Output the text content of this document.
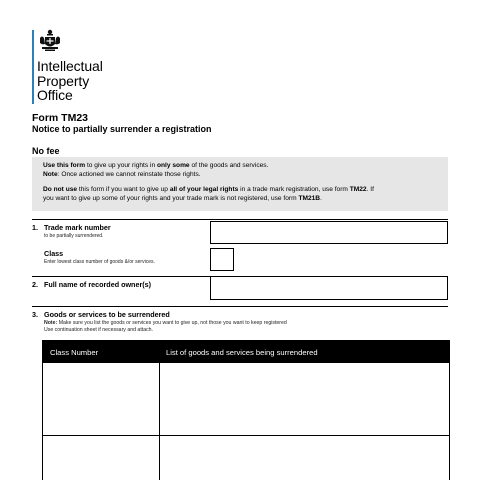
Intellectual
Property
Office
Form TM23
Notice to partially surrender a registration
No fee

Use this form to give up your rights in only some of the goods and services.

Note: Once actioned we cannot reinstate those rights.

Do not use this form if you want to give up all of your legal rights in a trade mark registration, use form TM22. If

you want to give up some of your rights and your trade mark is not registered, use form TM21B.

1. Trade mark number
to be partially surrendered.
Class
Enter lowest class number of goods &/or services.
2. Full name of recorded owner(s)
3. Goods or services to be surrendered
Note: Make sure you list the goods or services you want to give up, not those you want to keep registered
Use continuation sheet if necessary and attach.
Class Number	List of goods and services being surrendered
